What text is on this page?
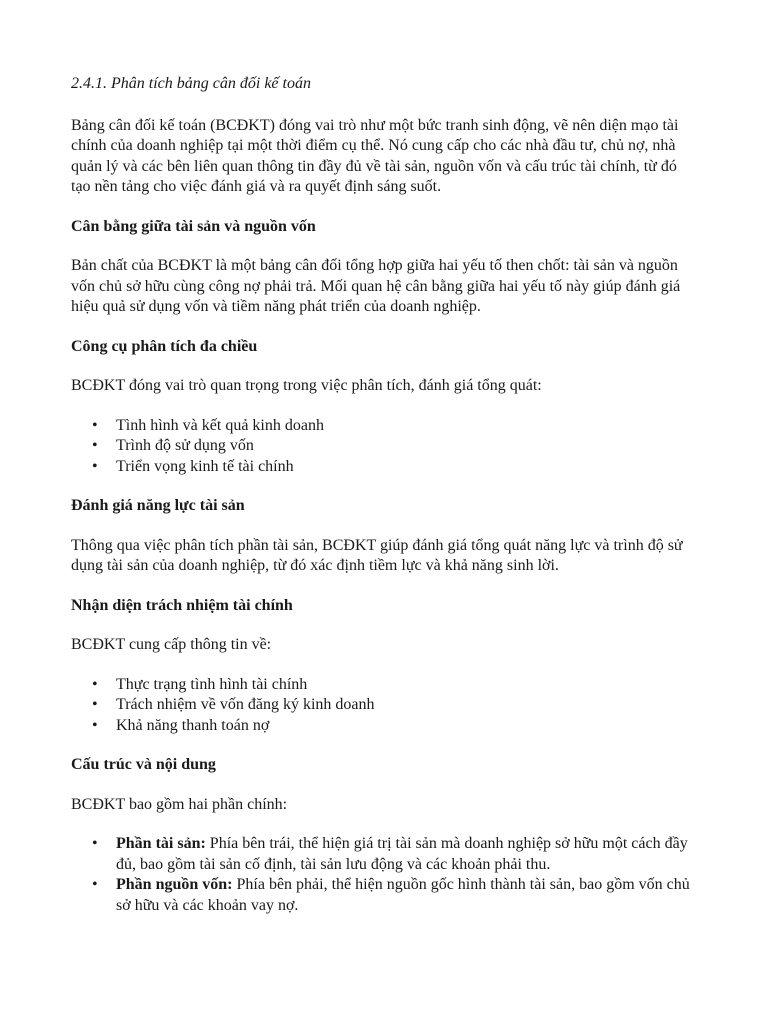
2.4.1. Phân tích bảng cân đối kế toán

Bảng cân đối kế toán (BCĐKT) đóng vai trò như một bức tranh sinh động, vẽ nên diện mạo tài chính của doanh nghiệp tại một thời điểm cụ thể. Nó cung cấp cho các nhà đầu tư, chủ nợ, nhà quản lý và các bên liên quan thông tin đầy đủ về tài sản, nguồn vốn và cấu trúc tài chính, từ đó tạo nền tảng cho việc đánh giá và ra quyết định sáng suốt.

Cân bằng giữa tài sản và nguồn vốn

Bản chất của BCĐKT là một bảng cân đối tổng hợp giữa hai yếu tố then chốt: tài sản và nguồn vốn chủ sở hữu cùng công nợ phải trả. Mối quan hệ cân bằng giữa hai yếu tố này giúp đánh giá hiệu quả sử dụng vốn và tiềm năng phát triển của doanh nghiệp.

Công cụ phân tích đa chiều

BCĐKT đóng vai trò quan trọng trong việc phân tích, đánh giá tổng quát:

• Tình hình và kết quả kinh doanh
• Trình độ sử dụng vốn
• Triển vọng kinh tế tài chính
Đánh giá năng lực tài sản

Thông qua việc phân tích phần tài sản, BCĐKT giúp đánh giá tổng quát năng lực và trình độ sử dụng tài sản của doanh nghiệp, từ đó xác định tiềm lực và khả năng sinh lời.

Nhận diện trách nhiệm tài chính

BCĐKT cung cấp thông tin về:

• Thực trạng tình hình tài chính
• Trách nhiệm về vốn đăng ký kinh doanh
• Khả năng thanh toán nợ
Cấu trúc và nội dung

BCĐKT bao gồm hai phần chính:

• Phần tài sản: Phía bên trái, thể hiện giá trị tài sản mà doanh nghiệp sở hữu một cách đầy đủ, bao gồm tài sản cố định, tài sản lưu động và các khoản phải thu.
• Phần nguồn vốn: Phía bên phải, thể hiện nguồn gốc hình thành tài sản, bao gồm vốn chủ sở hữu và các khoản vay nợ.
